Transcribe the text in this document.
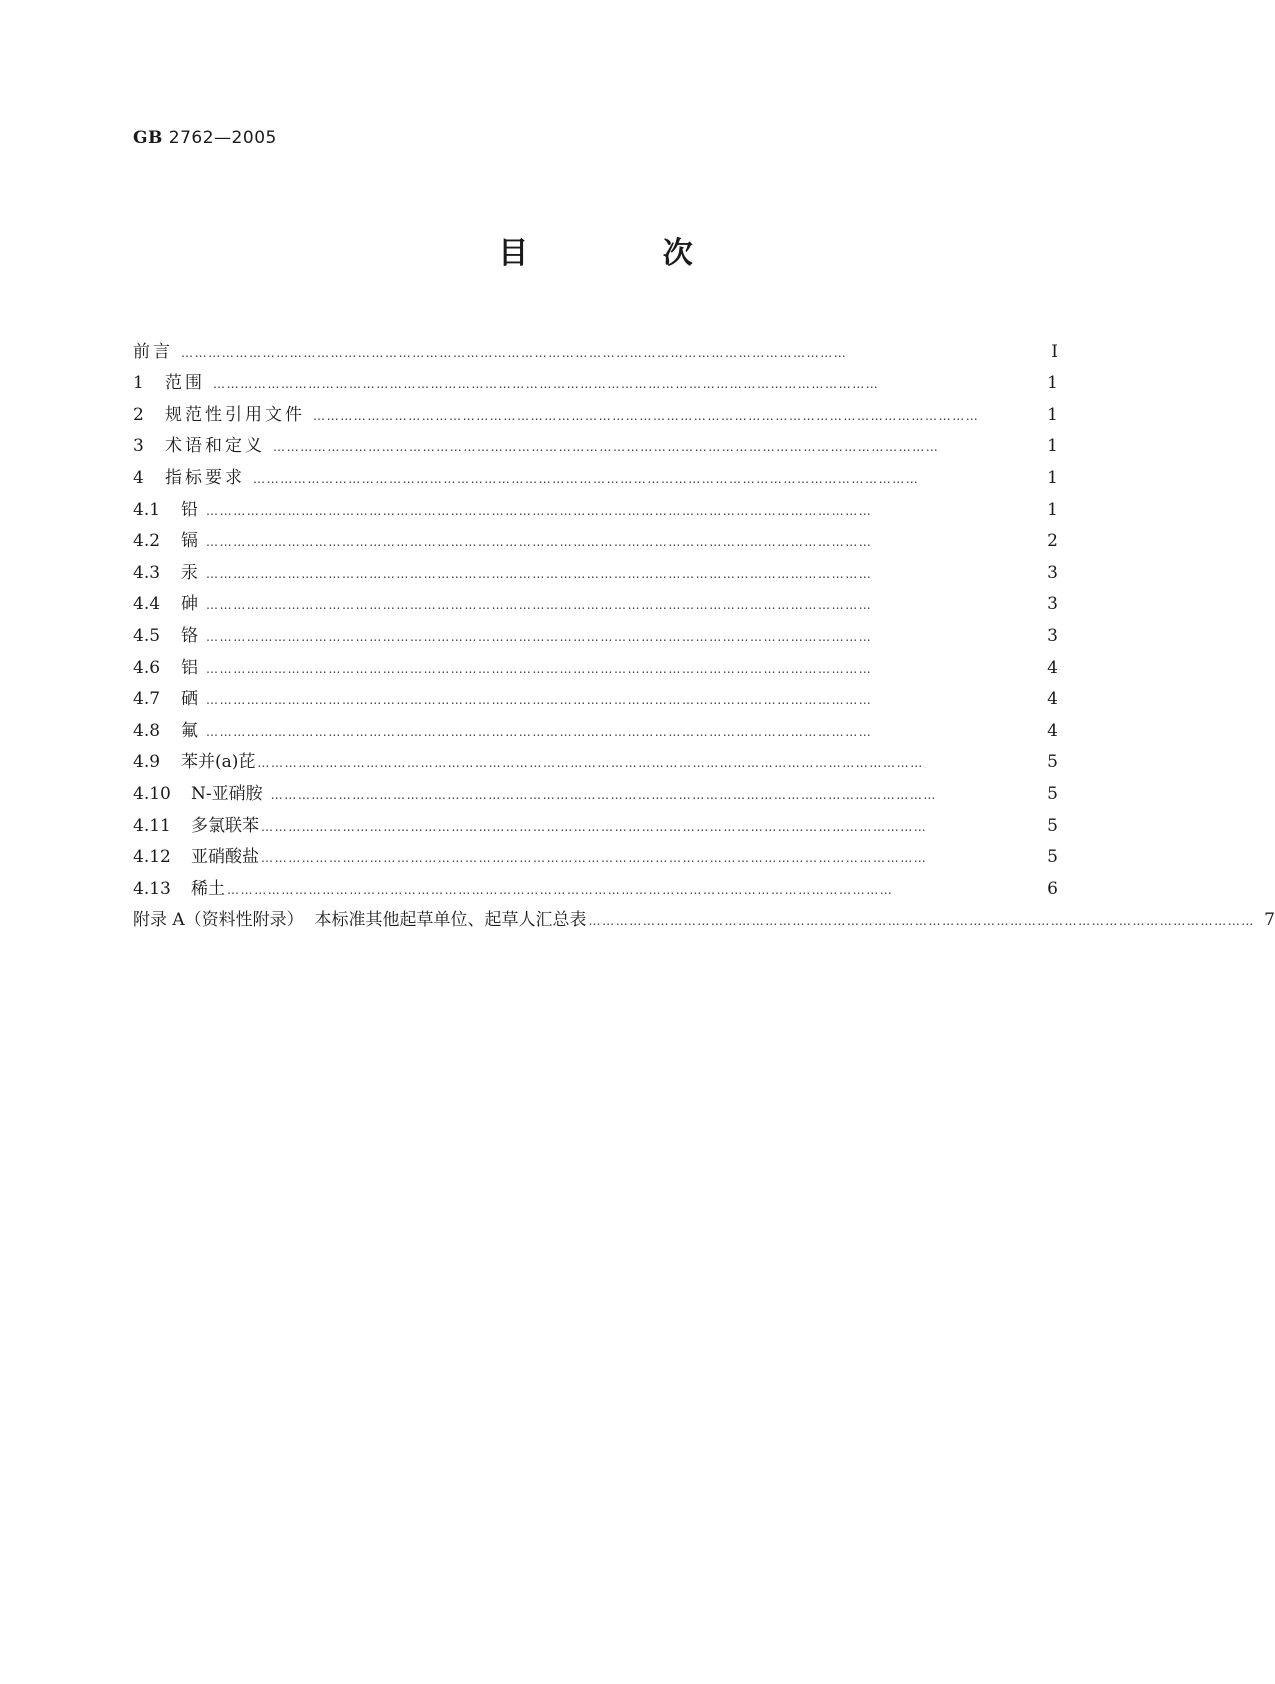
GB 2762—2005
目 次
前言 …………………………………………………………………………………………………………………………………	Ⅰ
1	范围 …………………………………………………………………………………………………………………………………	1
2	规范性引用文件 …………………………………………………………………………………………………………………………………	1
3	术语和定义 …………………………………………………………………………………………………………………………………	1
4	指标要求 …………………………………………………………………………………………………………………………………	1
4.1	铅 …………………………………………………………………………………………………………………………………	1
4.2	镉 …………………………………………………………………………………………………………………………………	2
4.3	汞 …………………………………………………………………………………………………………………………………	3
4.4	砷 …………………………………………………………………………………………………………………………………	3
4.5	铬 …………………………………………………………………………………………………………………………………	3
4.6	铝 …………………………………………………………………………………………………………………………………	4
4.7	硒 …………………………………………………………………………………………………………………………………	4
4.8	氟 …………………………………………………………………………………………………………………………………	4
4.9	苯并(a)芘 …………………………………………………………………………………………………………………………………	5
4.10	N-亚硝胺 …………………………………………………………………………………………………………………………………	5
4.11	多氯联苯 …………………………………………………………………………………………………………………………………	5
4.12	亚硝酸盐 …………………………………………………………………………………………………………………………………	5
4.13	稀土 …………………………………………………………………………………………………………………………………	6
附录 A（资料性附录）  本标准其他起草单位、起草人汇总表 ………………………………………………………………………………………………………………………………… 7
